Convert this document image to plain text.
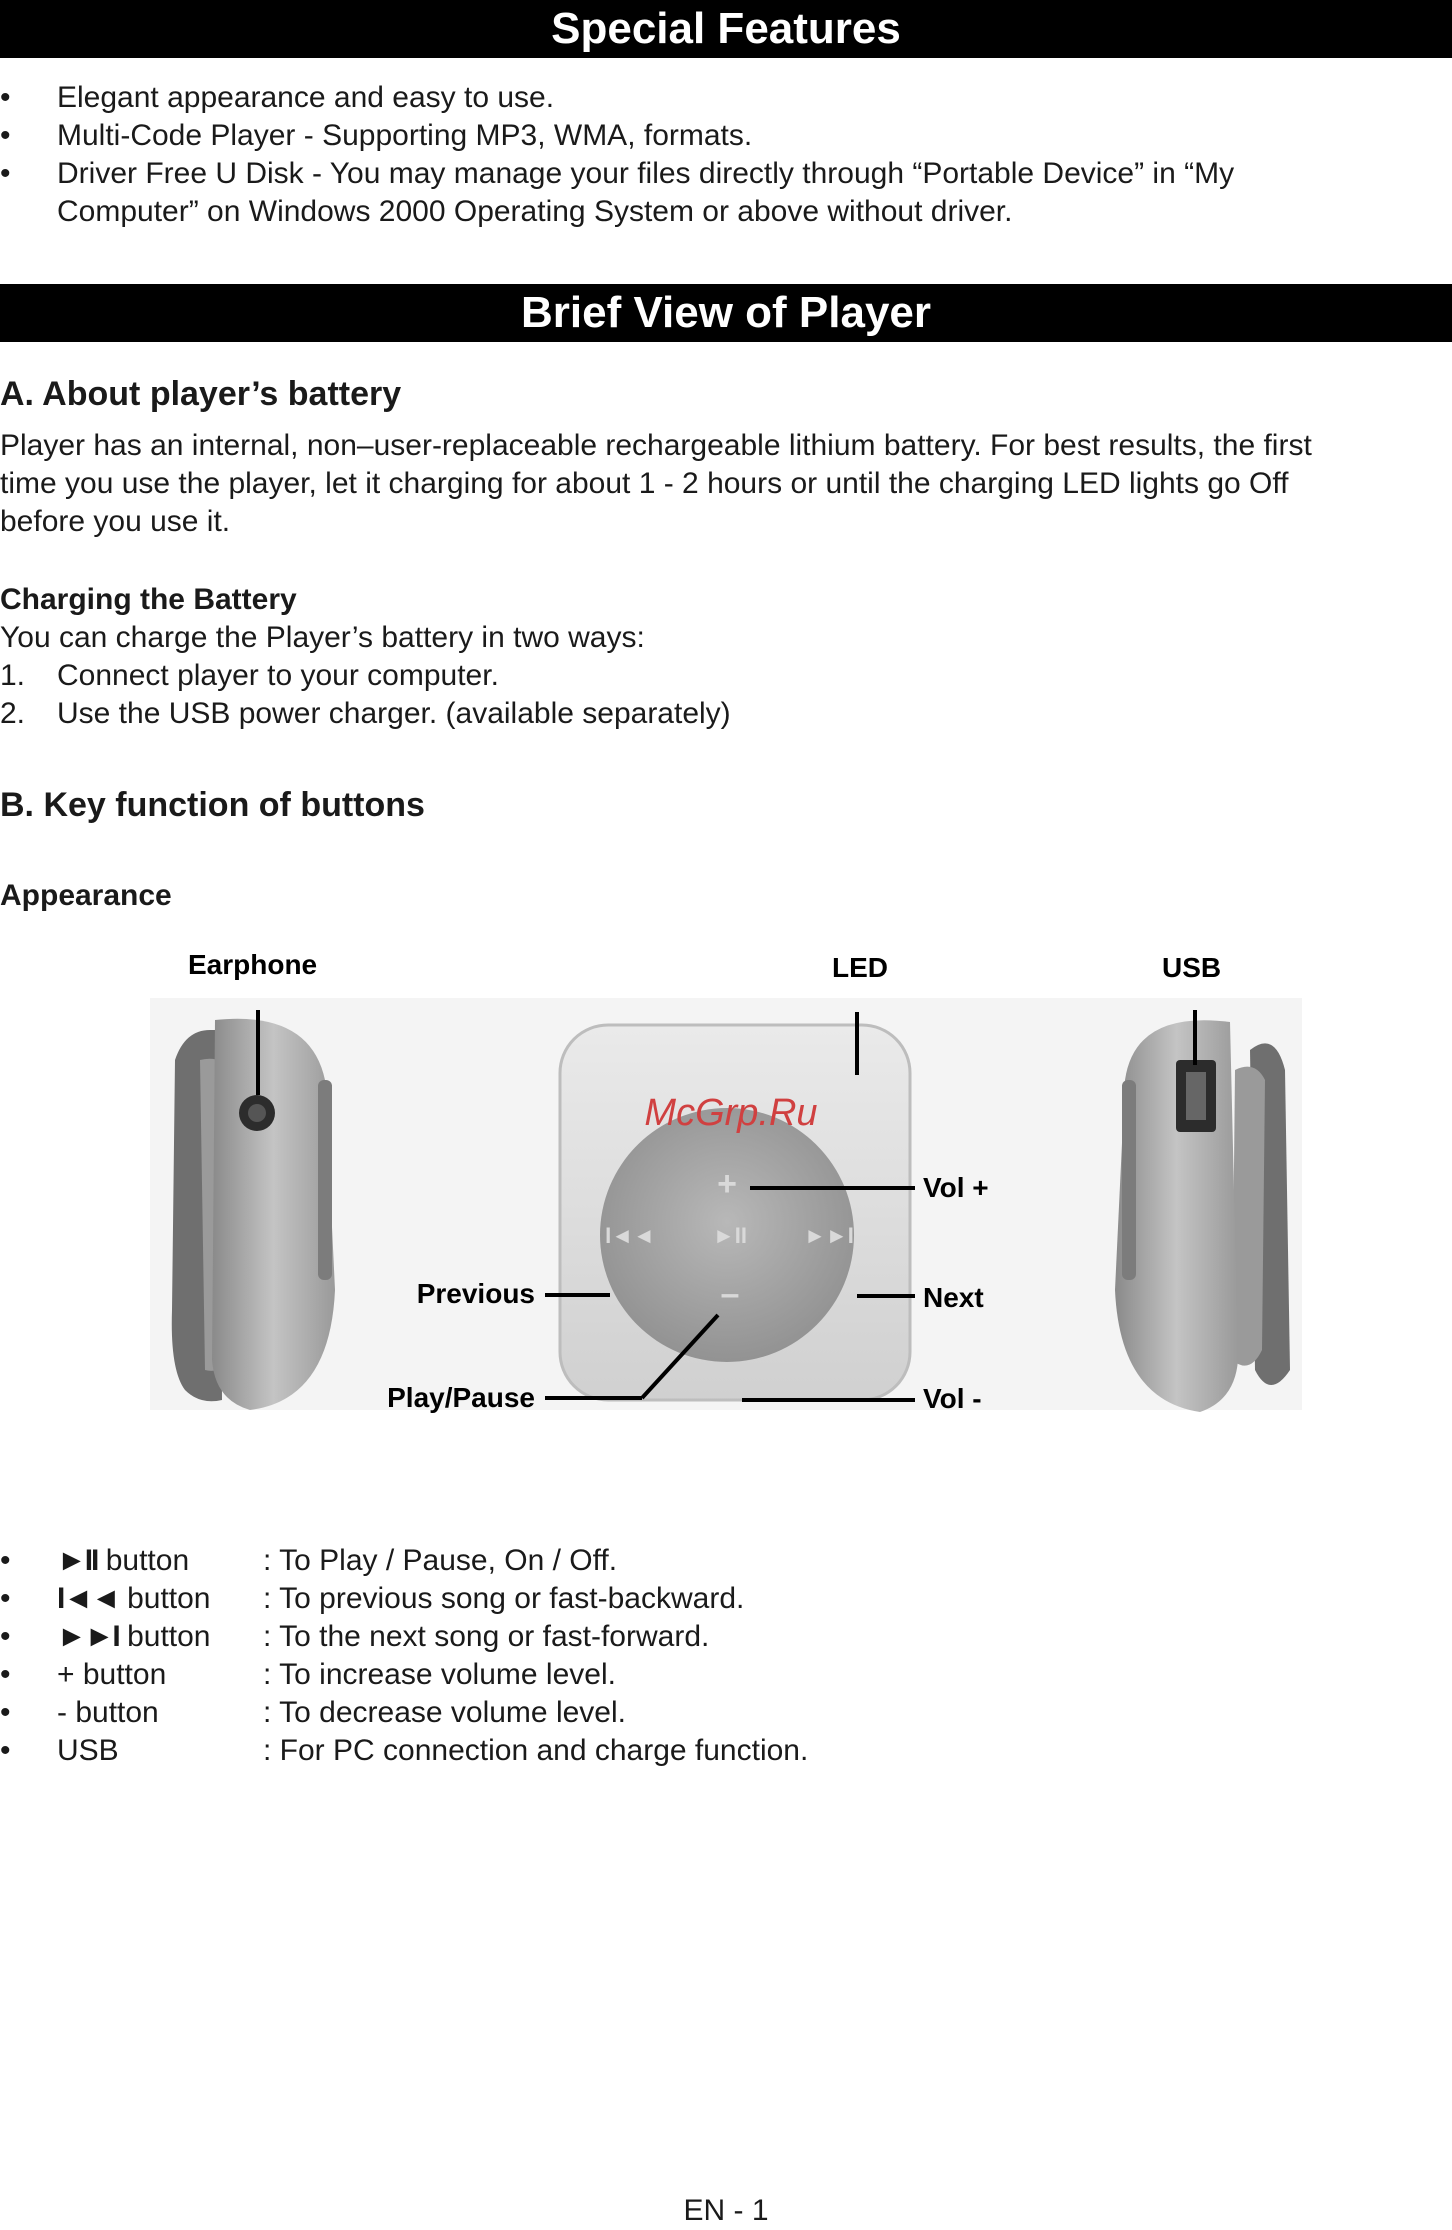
Special Features
• Elegant appearance and easy to use.
• Multi-Code Player - Supporting MP3, WMA, formats.
• Driver Free U Disk - You may manage your files directly through “Portable Device” in “My
Computer” on Windows 2000 Operating System or above without driver.
Brief View of Player
A. About player’s battery
Player has an internal, non–user-replaceable rechargeable lithium battery. For best results, the first
time you use the player, let it charging for about 1 - 2 hours or until the charging LED lights go Off
before you use it.
Charging the Battery
You can charge the Player’s battery in two ways:
1. Connect player to your computer.
2. Use the USB power charger. (available separately)
B. Key function of buttons
Appearance
+
–
I◄◄	►►I
►II
McGrp.Ru
Earphone	LED	USB
Vol +
Next
Vol -
Previous
Play/Pause
• ►II button : To Play / Pause, On / Off.
• I◄◄ button : To previous song or fast-backward.
• ►►I button : To the next song or fast-forward.
• + button	: To increase volume level.
• - button	: To decrease volume level.
• USB	: For PC connection and charge function.
EN - 1
